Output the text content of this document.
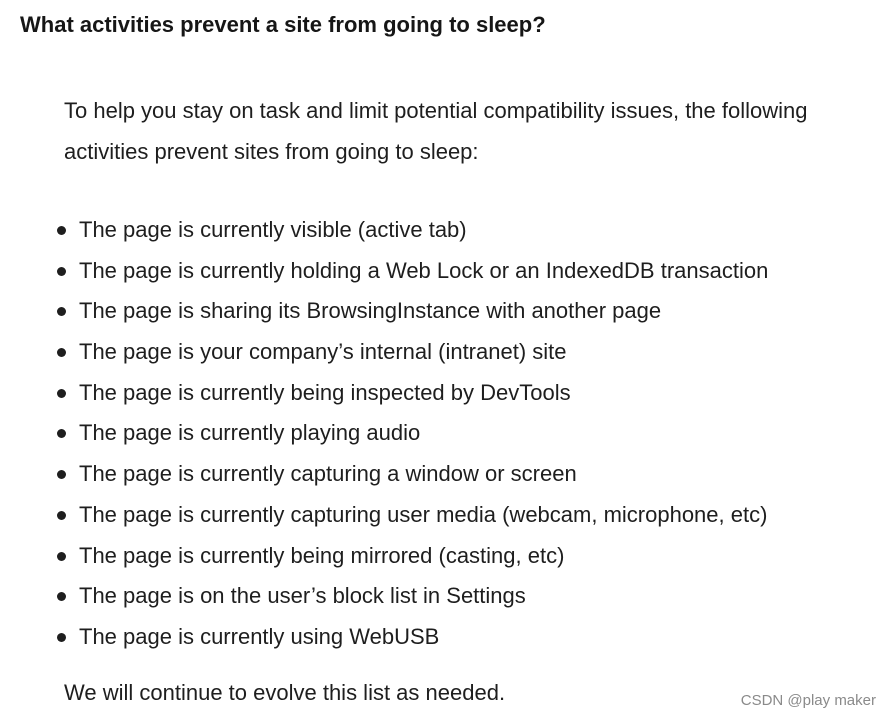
What activities prevent a site from going to sleep?

To help you stay on task and limit potential compatibility issues, the following activities prevent sites from going to sleep:

The page is currently visible (active tab)
The page is currently holding a Web Lock or an IndexedDB transaction
The page is sharing its BrowsingInstance with another page
The page is your company’s internal (intranet) site
The page is currently being inspected by DevTools
The page is currently playing audio
The page is currently capturing a window or screen
The page is currently capturing user media (webcam, microphone, etc)
The page is currently being mirrored (casting, etc)
The page is on the user’s block list in Settings
The page is currently using WebUSB

We will continue to evolve this list as needed.	CSDN @play maker
